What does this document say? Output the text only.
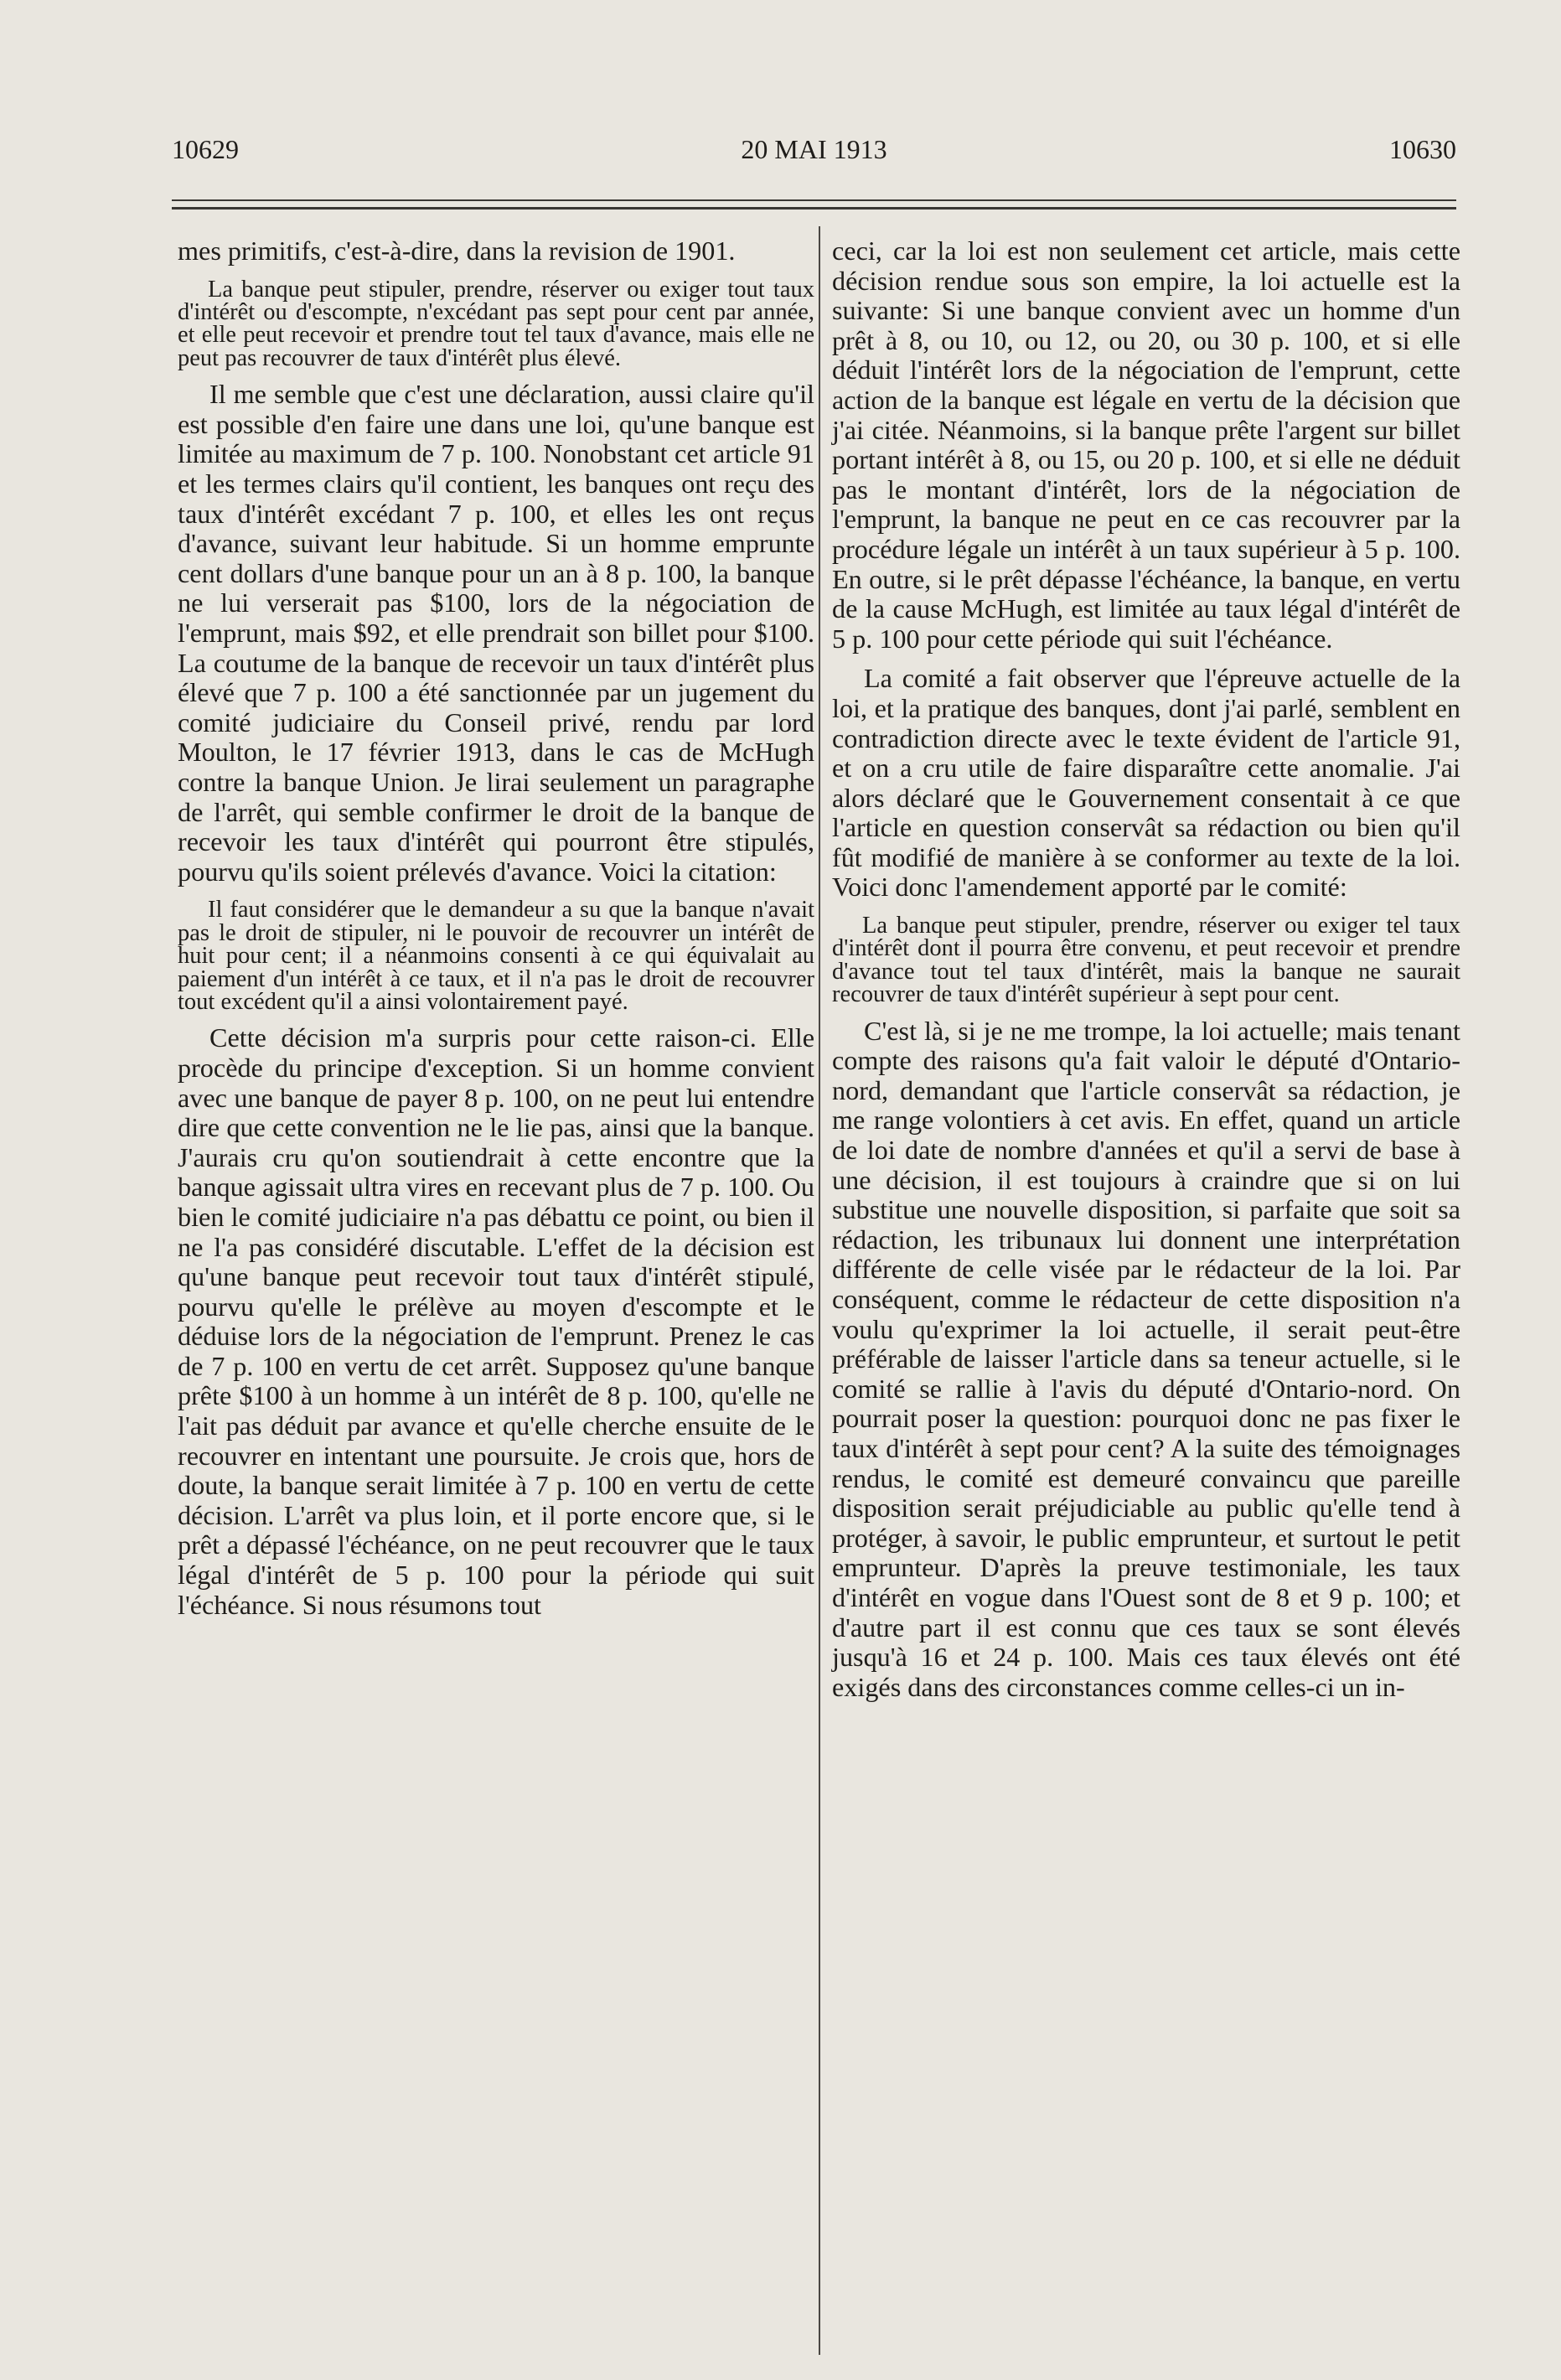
10629	20 MAI 1913	10630

mes primitifs, c'est-à-dire, dans la revision de 1901.

La banque peut stipuler, prendre, réserver ou exiger tout taux d'intérêt ou d'escompte, n'excédant pas sept pour cent par année, et elle peut recevoir et prendre tout tel taux d'avance, mais elle ne peut pas recouvrer de taux d'intérêt plus élevé.

Il me semble que c'est une déclaration, aussi claire qu'il est possible d'en faire une dans une loi, qu'une banque est limitée au maximum de 7 p. 100. Nonobstant cet article 91 et les termes clairs qu'il contient, les banques ont reçu des taux d'intérêt excédant 7 p. 100, et elles les ont reçus d'avance, suivant leur habitude. Si un homme emprunte cent dollars d'une banque pour un an à 8 p. 100, la banque ne lui verserait pas $100, lors de la négociation de l'emprunt, mais $92, et elle prendrait son billet pour $100. La coutume de la banque de recevoir un taux d'intérêt plus élevé que 7 p. 100 a été sanctionnée par un jugement du comité judiciaire du Conseil privé, rendu par lord Moulton, le 17 février 1913, dans le cas de McHugh contre la banque Union. Je lirai seulement un paragraphe de l'arrêt, qui semble confirmer le droit de la banque de recevoir les taux d'intérêt qui pourront être stipulés, pourvu qu'ils soient prélevés d'avance. Voici la citation:

Il faut considérer que le demandeur a su que la banque n'avait pas le droit de stipuler, ni le pouvoir de recouvrer un intérêt de huit pour cent; il a néanmoins consenti à ce qui équivalait au paiement d'un intérêt à ce taux, et il n'a pas le droit de recouvrer tout excédent qu'il a ainsi volontairement payé.

Cette décision m'a surpris pour cette raison-ci. Elle procède du principe d'exception. Si un homme convient avec une banque de payer 8 p. 100, on ne peut lui entendre dire que cette convention ne le lie pas, ainsi que la banque. J'aurais cru qu'on soutiendrait à cette encontre que la banque agissait ultra vires en recevant plus de 7 p. 100. Ou bien le comité judiciaire n'a pas débattu ce point, ou bien il ne l'a pas considéré discutable. L'effet de la décision est qu'une banque peut recevoir tout taux d'intérêt stipulé, pourvu qu'elle le prélève au moyen d'escompte et le déduise lors de la négociation de l'emprunt. Prenez le cas de 7 p. 100 en vertu de cet arrêt. Supposez qu'une banque prête $100 à un homme à un intérêt de 8 p. 100, qu'elle ne l'ait pas déduit par avance et qu'elle cherche ensuite de le recouvrer en intentant une poursuite. Je crois que, hors de doute, la banque serait limitée à 7 p. 100 en vertu de cette décision. L'arrêt va plus loin, et il porte encore que, si le prêt a dépassé l'échéance, on ne peut recouvrer que le taux légal d'intérêt de 5 p. 100 pour la période qui suit l'échéance. Si nous résumons tout

ceci, car la loi est non seulement cet article, mais cette décision rendue sous son empire, la loi actuelle est la suivante: Si une banque convient avec un homme d'un prêt à 8, ou 10, ou 12, ou 20, ou 30 p. 100, et si elle déduit l'intérêt lors de la négociation de l'emprunt, cette action de la banque est légale en vertu de la décision que j'ai citée. Néanmoins, si la banque prête l'argent sur billet portant intérêt à 8, ou 15, ou 20 p. 100, et si elle ne déduit pas le montant d'intérêt, lors de la négociation de l'emprunt, la banque ne peut en ce cas recouvrer par la procédure légale un intérêt à un taux supérieur à 5 p. 100. En outre, si le prêt dépasse l'échéance, la banque, en vertu de la cause McHugh, est limitée au taux légal d'intérêt de 5 p. 100 pour cette période qui suit l'échéance.

La comité a fait observer que l'épreuve actuelle de la loi, et la pratique des banques, dont j'ai parlé, semblent en contradiction directe avec le texte évident de l'article 91, et on a cru utile de faire disparaître cette anomalie. J'ai alors déclaré que le Gouvernement consentait à ce que l'article en question conservât sa rédaction ou bien qu'il fût modifié de manière à se conformer au texte de la loi. Voici donc l'amendement apporté par le comité:

La banque peut stipuler, prendre, réserver ou exiger tel taux d'intérêt dont il pourra être convenu, et peut recevoir et prendre d'avance tout tel taux d'intérêt, mais la banque ne saurait recouvrer de taux d'intérêt supérieur à sept pour cent.

C'est là, si je ne me trompe, la loi actuelle; mais tenant compte des raisons qu'a fait valoir le député d'Ontario-nord, demandant que l'article conservât sa rédaction, je me range volontiers à cet avis. En effet, quand un article de loi date de nombre d'années et qu'il a servi de base à une décision, il est toujours à craindre que si on lui substitue une nouvelle disposition, si parfaite que soit sa rédaction, les tribunaux lui donnent une interprétation différente de celle visée par le rédacteur de la loi. Par conséquent, comme le rédacteur de cette disposition n'a voulu qu'exprimer la loi actuelle, il serait peut-être préférable de laisser l'article dans sa teneur actuelle, si le comité se rallie à l'avis du député d'Ontario-nord. On pourrait poser la question: pourquoi donc ne pas fixer le taux d'intérêt à sept pour cent? A la suite des témoignages rendus, le comité est demeuré convaincu que pareille disposition serait préjudiciable au public qu'elle tend à protéger, à savoir, le public emprunteur, et surtout le petit emprunteur. D'après la preuve testimoniale, les taux d'intérêt en vogue dans l'Ouest sont de 8 et 9 p. 100; et d'autre part il est connu que ces taux se sont élevés jusqu'à 16 et 24 p. 100. Mais ces taux élevés ont été exigés dans des circonstances comme celles-ci un in-
